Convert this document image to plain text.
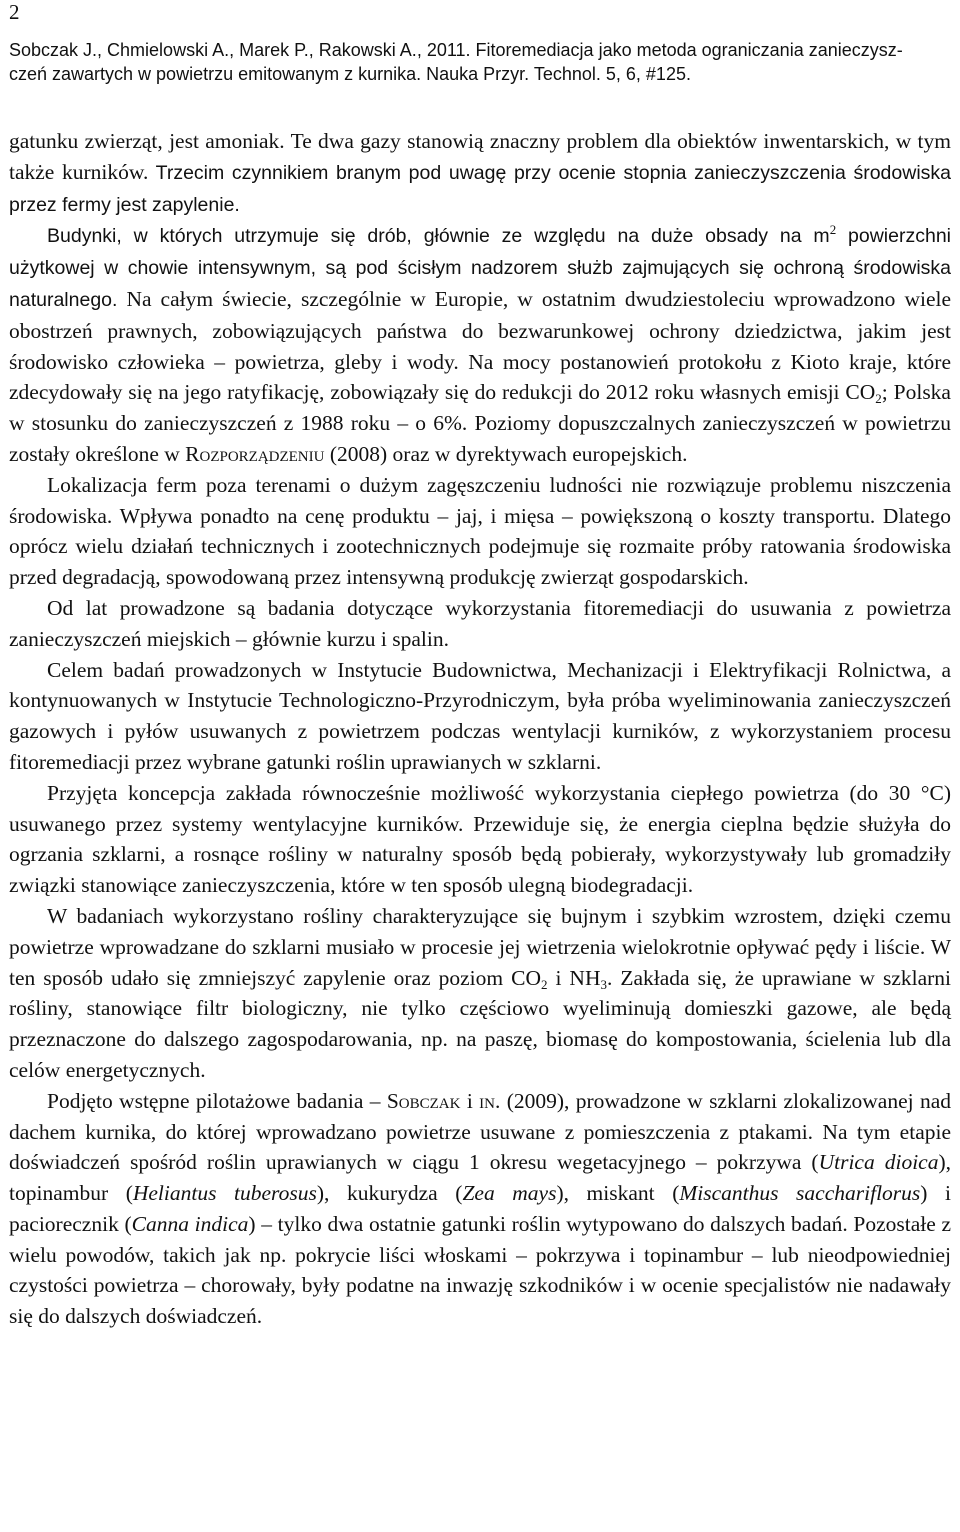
2
Sobczak J., Chmielowski A., Marek P., Rakowski A., 2011. Fitoremediacja jako metoda ograniczania zanieczysz-
czeń zawartych w powietrzu emitowanym z kurnika. Nauka Przyr. Technol. 5, 6, #125.

gatunku zwierząt, jest amoniak. Te dwa gazy stanowią znaczny problem dla obiektów inwentarskich, w tym także kurników. Trzecim czynnikiem branym pod uwagę przy ocenie stopnia zanieczyszczenia środowiska przez fermy jest zapylenie.

Budynki, w których utrzymuje się drób, głównie ze względu na duże obsady na $m^2$ powierzchni użytkowej w chowie intensywnym, są pod ścisłym nadzorem służb zajmujących się ochroną środowiska naturalnego. Na całym świecie, szczególnie w Europie, w ostatnim dwudziestoleciu wprowadzono wiele obostrzeń prawnych, zobowiązujących państwa do bezwarunkowej ochrony dziedzictwa, jakim jest środowisko człowieka – powietrza, gleby i wody. Na mocy postanowień protokołu z Kioto kraje, które zdecydowały się na jego ratyfikację, zobowiązały się do redukcji do 2012 roku własnych emisji $CO_2$; Polska w stosunku do zanieczyszczeń z 1988 roku – o 6%. Poziomy dopuszczalnych zanieczyszczeń w powietrzu zostały określone w Rozporządzeniu (2008) oraz w dyrektywach europejskich.

Lokalizacja ferm poza terenami o dużym zagęszczeniu ludności nie rozwiązuje problemu niszczenia środowiska. Wpływa ponadto na cenę produktu – jaj, i mięsa – powiększoną o koszty transportu. Dlatego oprócz wielu działań technicznych i zootechnicznych podejmuje się rozmaite próby ratowania środowiska przed degradacją, spowodowaną przez intensywną produkcję zwierząt gospodarskich.

Od lat prowadzone są badania dotyczące wykorzystania fitoremediacji do usuwania z powietrza zanieczyszczeń miejskich – głównie kurzu i spalin.

Celem badań prowadzonych w Instytucie Budownictwa, Mechanizacji i Elektryfikacji Rolnictwa, a kontynuowanych w Instytucie Technologiczno-Przyrodniczym, była próba wyeliminowania zanieczyszczeń gazowych i pyłów usuwanych z powietrzem podczas wentylacji kurników, z wykorzystaniem procesu fitoremediacji przez wybrane gatunki roślin uprawianych w szklarni.

Przyjęta koncepcja zakłada równocześnie możliwość wykorzystania ciepłego powietrza (do 30 °C) usuwanego przez systemy wentylacyjne kurników. Przewiduje się, że energia cieplna będzie służyła do ogrzania szklarni, a rosnące rośliny w naturalny sposób będą pobierały, wykorzystywały lub gromadziły związki stanowiące zanieczyszczenia, które w ten sposób ulegną biodegradacji.

W badaniach wykorzystano rośliny charakteryzujące się bujnym i szybkim wzrostem, dzięki czemu powietrze wprowadzane do szklarni musiało w procesie jej wietrzenia wielokrotnie opływać pędy i liście. W ten sposób udało się zmniejszyć zapylenie oraz poziom $CO_2$ i $NH_3$. Zakłada się, że uprawiane w szklarni rośliny, stanowiące filtr biologiczny, nie tylko częściowo wyeliminują domieszki gazowe, ale będą przeznaczone do dalszego zagospodarowania, np. na paszę, biomasę do kompostowania, ścielenia lub dla celów energetycznych.

Podjęto wstępne pilotażowe badania – Sobczak i in. (2009), prowadzone w szklarni zlokalizowanej nad dachem kurnika, do której wprowadzano powietrze usuwane z pomieszczenia z ptakami. Na tym etapie doświadczeń spośród roślin uprawianych w ciągu 1 okresu wegetacyjnego – pokrzywa (Utrica dioica), topinambur (Heliantus tuberosus), kukurydza (Zea mays), miskant (Miscanthus sacchariflorus) i paciorecznik (Canna indica) – tylko dwa ostatnie gatunki roślin wytypowano do dalszych badań. Pozostałe z wielu powodów, takich jak np. pokrycie liści włoskami – pokrzywa i topinambur – lub nieodpowiedniej czystości powietrza – chorowały, były podatne na inwazję szkodników i w ocenie specjalistów nie nadawały się do dalszych doświadczeń.
